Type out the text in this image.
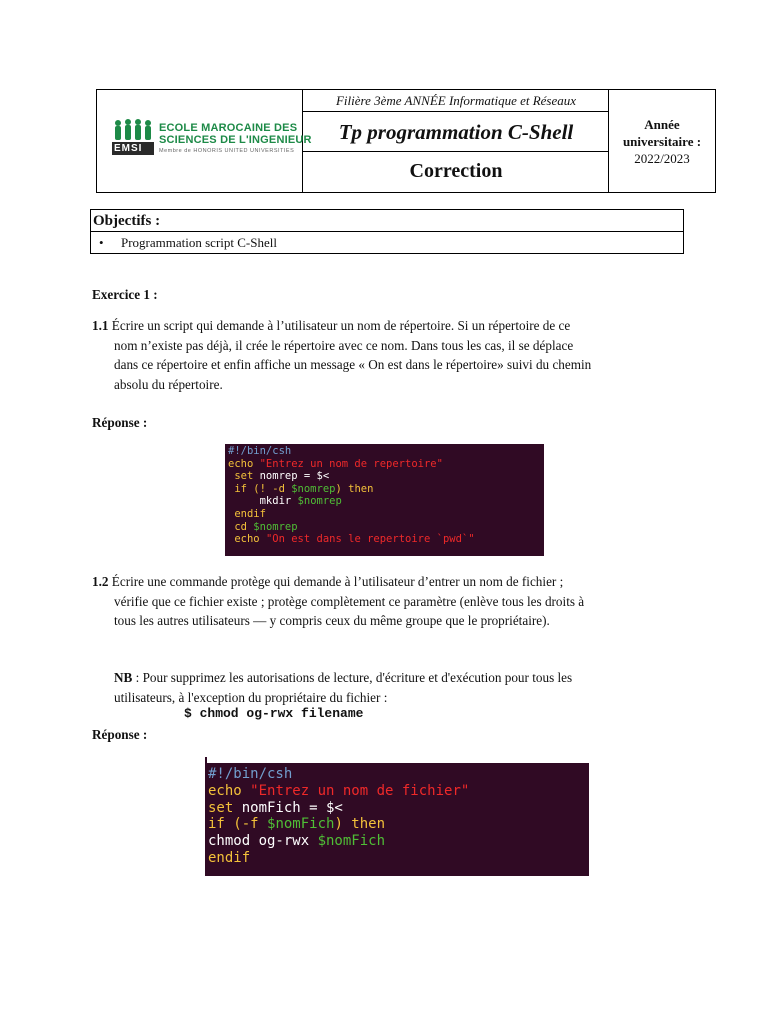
EMSI
ECOLE MAROCAINE DES
SCIENCES DE L'INGENIEUR
Membre de HONORIS UNITED UNIVERSITIES
Filière 3ème ANNÉE Informatique et Réseaux
Tp programmation C-Shell
Correction
Année
universitaire :
2022/2023
Objectifs :
• Programmation script C-Shell
Exercice 1 :
1.1 Écrire un script qui demande à l’utilisateur un nom de répertoire. Si un répertoire de ce
nom n’existe pas déjà, il crée le répertoire avec ce nom. Dans tous les cas, il se déplace
dans ce répertoire et enfin affiche un message « On est dans le répertoire» suivi du chemin
absolu du répertoire.
Réponse :
#!/bin/csh
echo "Entrez un nom de repertoire"
set nomrep = $<
if (! -d $nomrep) then
mkdir $nomrep
endif
cd $nomrep
echo "On est dans le repertoire `pwd`"
1.2 Écrire une commande protège qui demande à l’utilisateur d’entrer un nom de fichier ;
vérifie que ce fichier existe ; protège complètement ce paramètre (enlève tous les droits à
tous les autres utilisateurs — y compris ceux du même groupe que le propriétaire).
NB : Pour supprimez les autorisations de lecture, d'écriture et d'exécution pour tous les
utilisateurs, à l'exception du propriétaire du fichier :
$ chmod og-rwx filename
Réponse :
#!/bin/csh
echo "Entrez un nom de fichier"
set nomFich = $<
if (-f $nomFich) then
chmod og-rwx $nomFich
endif
